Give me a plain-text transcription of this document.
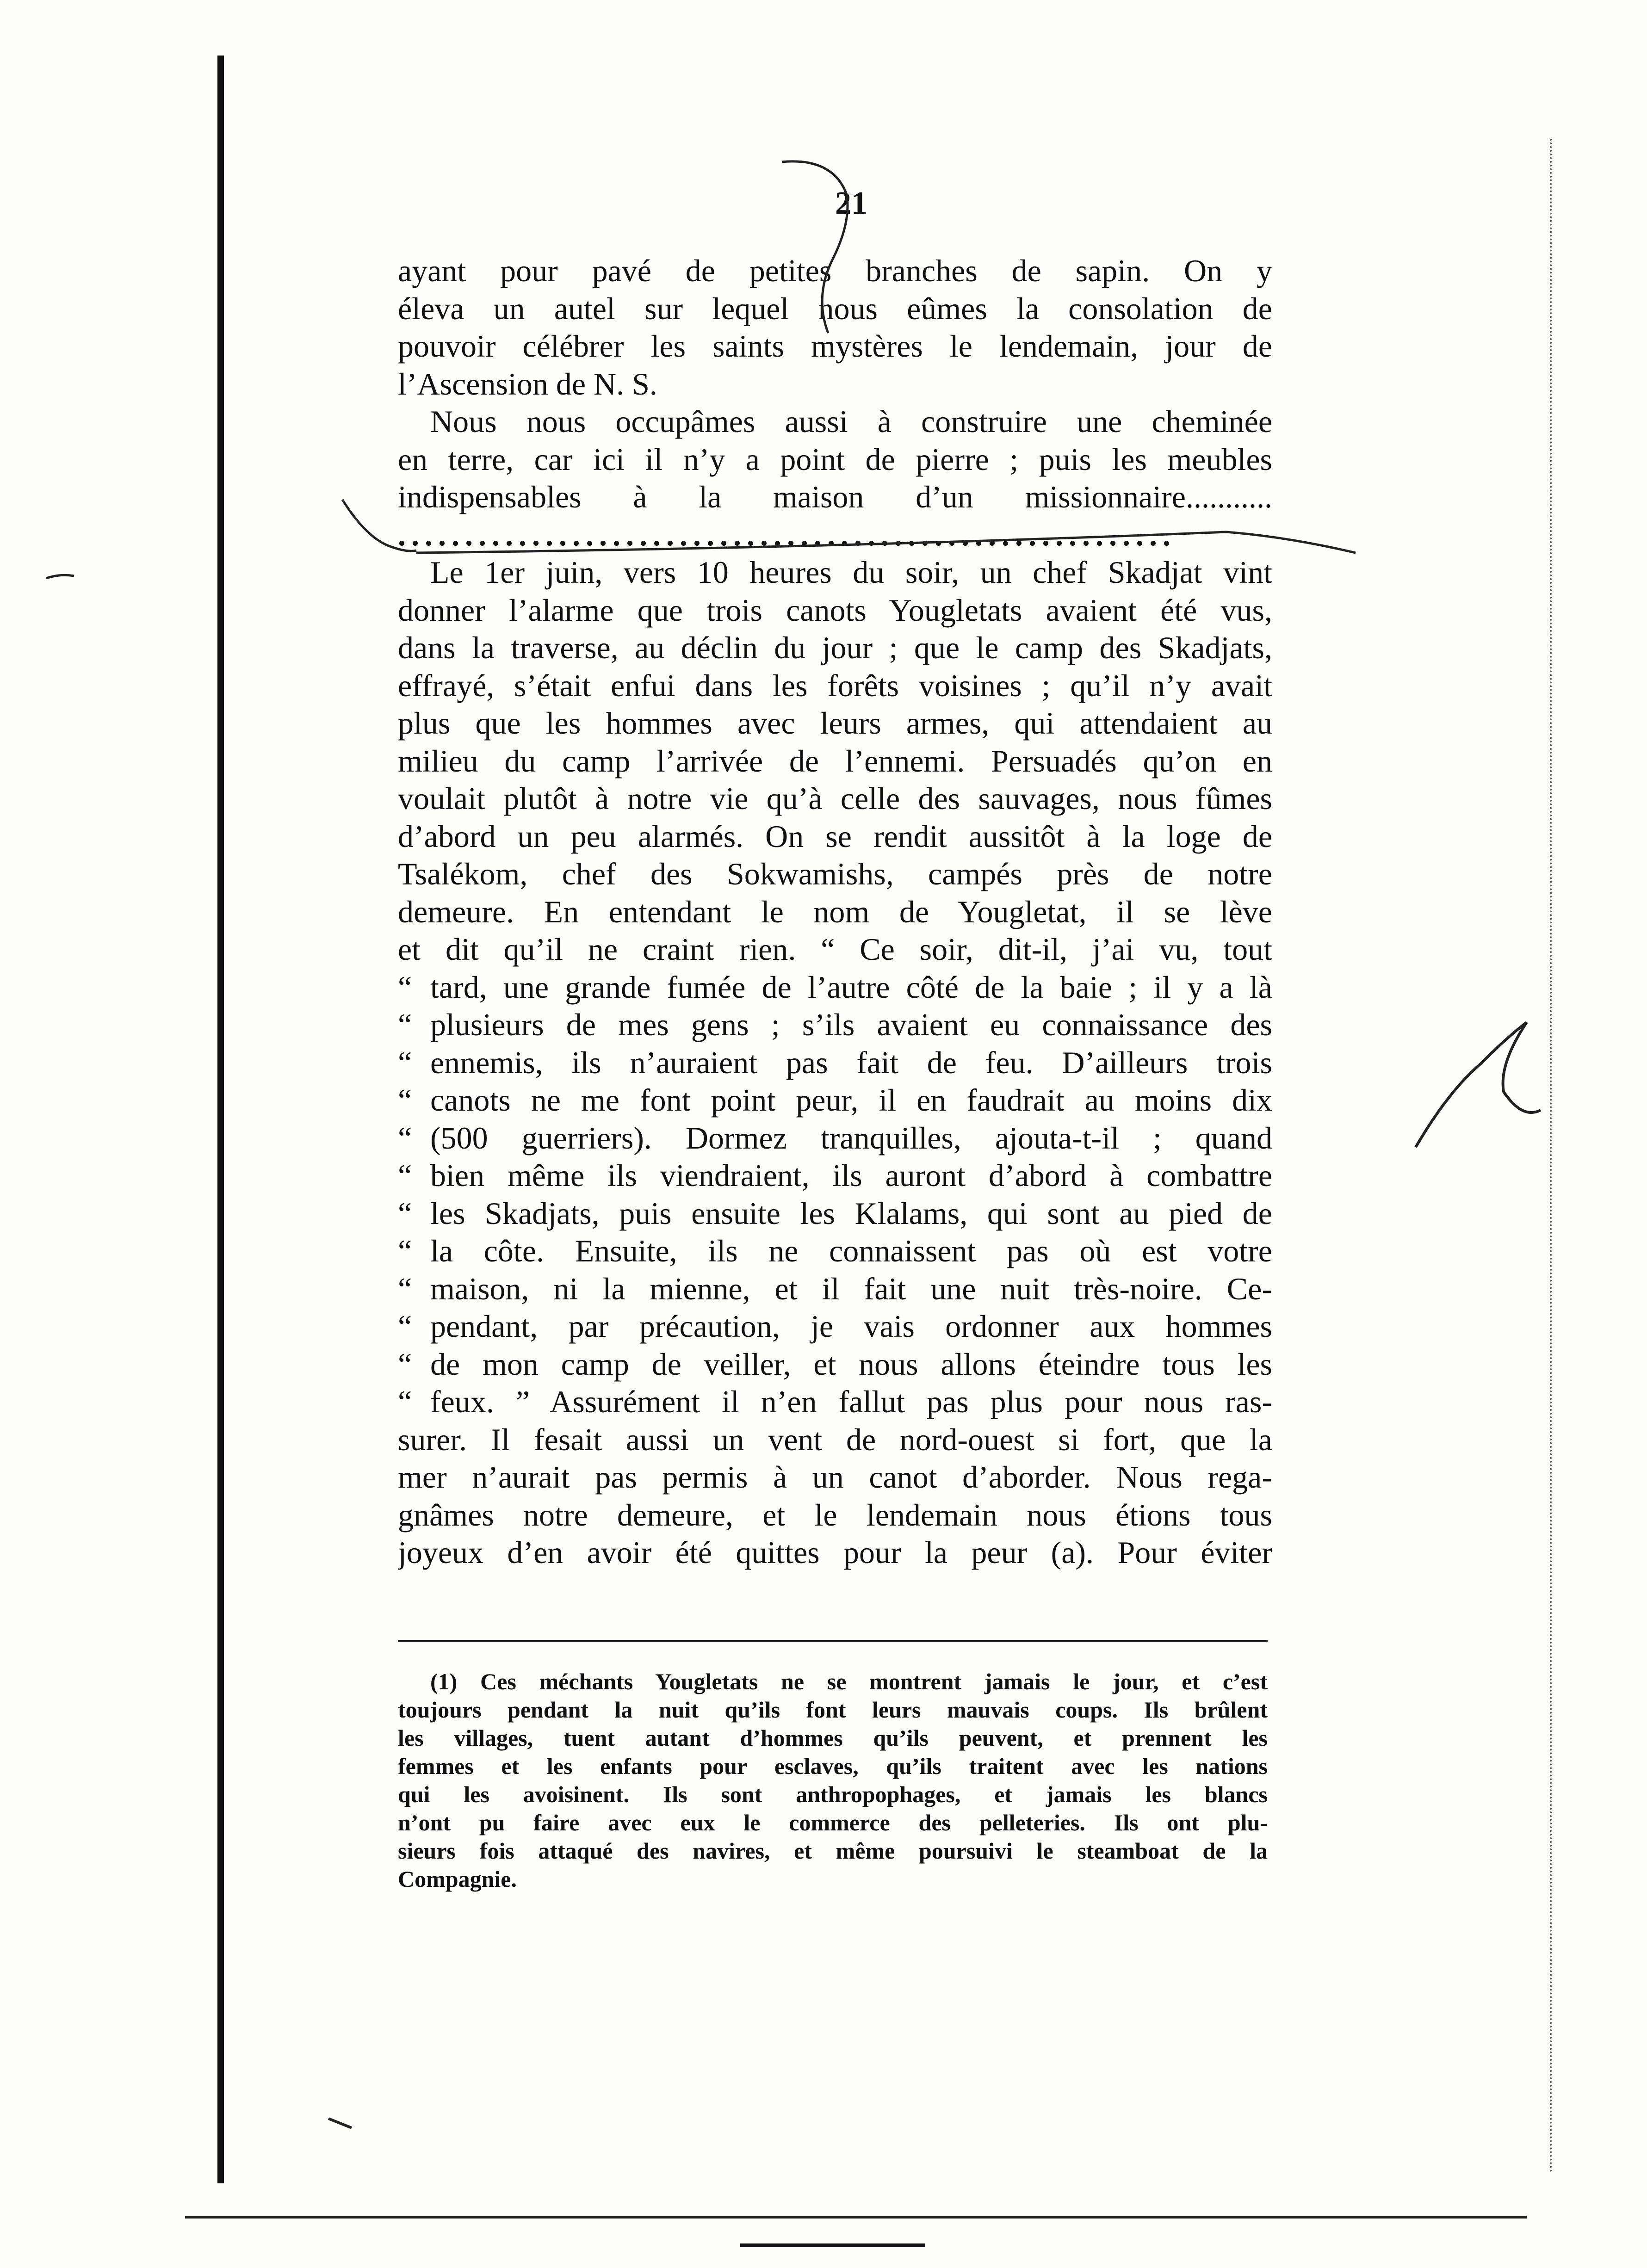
21
ayant pour pavé de petites branches de sapin. On y
éleva un autel sur lequel nous eûmes la consolation de
pouvoir célébrer les saints mystères le lendemain, jour de
l’Ascension de N. S.
Nous nous occupâmes aussi à construire une cheminée
en terre, car ici il n’y a point de pierre ; puis les meubles
indispensables à la maison d’un missionnaire...........
..........................................................
Le 1er juin, vers 10 heures du soir, un chef Skadjat vint
donner l’alarme que trois canots Yougletats avaient été vus,
dans la traverse, au déclin du jour ; que le camp des Skadjats,
effrayé, s’était enfui dans les forêts voisines ; qu’il n’y avait
plus que les hommes avec leurs armes, qui attendaient au
milieu du camp l’arrivée de l’ennemi. Persuadés qu’on en
voulait plutôt à notre vie qu’à celle des sauvages, nous fûmes
d’abord un peu alarmés. On se rendit aussitôt à la loge de
Tsalékom, chef des Sokwamishs, campés près de notre
demeure. En entendant le nom de Yougletat, il se lève
et dit qu’il ne craint rien. “ Ce soir, dit-il, j’ai vu, tout
“ tard, une grande fumée de l’autre côté de la baie ; il y a là
“ plusieurs de mes gens ; s’ils avaient eu connaissance des
“ ennemis, ils n’auraient pas fait de feu. D’ailleurs trois
“ canots ne me font point peur, il en faudrait au moins dix
“ (500 guerriers). Dormez tranquilles, ajouta-t-il ; quand
“ bien même ils viendraient, ils auront d’abord à combattre
“ les Skadjats, puis ensuite les Klalams, qui sont au pied de
“ la côte. Ensuite, ils ne connaissent pas où est votre
“ maison, ni la mienne, et il fait une nuit très-noire. Ce-
“ pendant, par précaution, je vais ordonner aux hommes
“ de mon camp de veiller, et nous allons éteindre tous les
“ feux. ” Assurément il n’en fallut pas plus pour nous ras-
surer. Il fesait aussi un vent de nord-ouest si fort, que la
mer n’aurait pas permis à un canot d’aborder. Nous rega-
gnâmes notre demeure, et le lendemain nous étions tous
joyeux d’en avoir été quittes pour la peur (a). Pour éviter
(1) Ces méchants Yougletats ne se montrent jamais le jour, et c’est
toujours pendant la nuit qu’ils font leurs mauvais coups. Ils brûlent
les villages, tuent autant d’hommes qu’ils peuvent, et prennent les
femmes et les enfants pour esclaves, qu’ils traitent avec les nations
qui les avoisinent. Ils sont anthropophages, et jamais les blancs
n’ont pu faire avec eux le commerce des pelleteries. Ils ont plu-
sieurs fois attaqué des navires, et même poursuivi le steamboat de la
Compagnie.
